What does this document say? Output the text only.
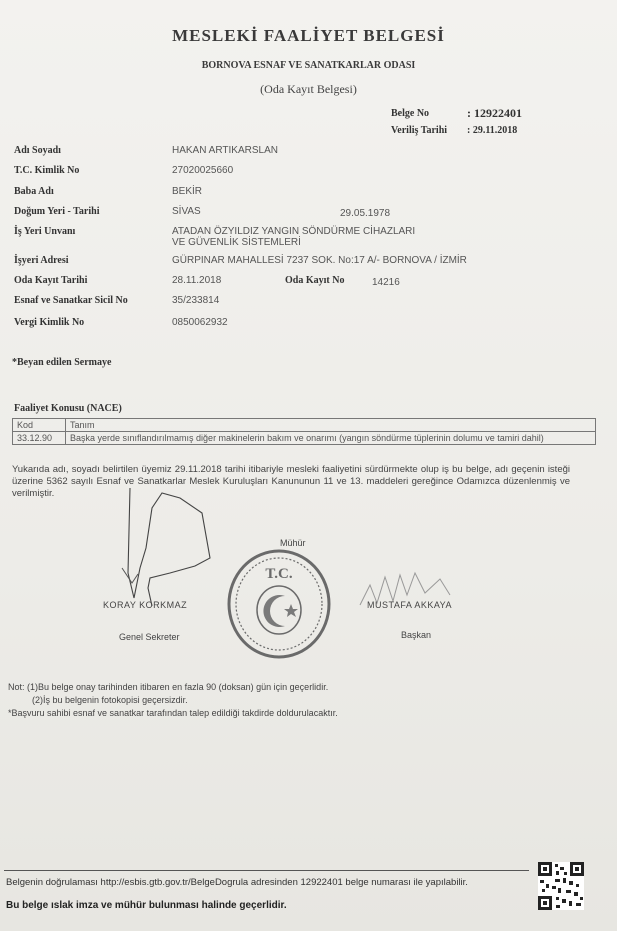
MESLEKİ FAALİYET BELGESİ
BORNOVA ESNAF VE SANATKARLAR ODASI
(Oda Kayıt Belgesi)
Belge No	: 12922401
Veriliş Tarihi : 29.11.2018
Adı Soyadı	HAKAN ARTIKARSLAN
T.C. Kimlik No	27020025660
Baba Adı	BEKİR
Doğum Yeri - Tarihi	SİVAS	29.05.1978
İş Yeri Unvanı	ATADAN ÖZYILDIZ YANGIN SÖNDÜRME CİHAZLARI
VE GÜVENLİK SİSTEMLERİ
İşyeri Adresi	GÜRPINAR MAHALLESİ 7237 SOK. No:17 A/- BORNOVA / İZMİR
Oda Kayıt Tarihi	28.11.2018	Oda Kayıt No	14216
Esnaf ve Sanatkar Sicil No	35/233814
Vergi Kimlik No	0850062932
*Beyan edilen Sermaye
Faaliyet Konusu (NACE)
Kod	Tanım
33.12.90	Başka yerde sınıflandırılmamış diğer makinelerin bakım ve onarımı (yangın söndürme tüplerinin dolumu ve tamiri dahil)
Yukarıda adı, soyadı belirtilen üyemiz 29.11.2018 tarihi itibariyle mesleki faaliyetini sürdürmekte olup iş bu belge, adı geçenin isteği üzerine 5362 sayılı Esnaf ve Sanatkarlar Meslek Kuruluşları Kanununun 11 ve 13. maddeleri gereğince Odamızca düzenlenmiş ve verilmiştir.
Mühür
T.C.
KORAY KORKMAZ	MUSTAFA AKKAYA
Genel Sekreter	Başkan
Not: (1)Bu belge onay tarihinden itibaren en fazla 90 (doksan) gün için geçerlidir.
(2)İş bu belgenin fotokopisi geçersizdir.
*Başvuru sahibi esnaf ve sanatkar tarafından talep edildiği takdirde doldurulacaktır.
Belgenin doğrulaması http://esbis.gtb.gov.tr/BelgeDogrula adresinden 12922401 belge numarası ile yapılabilir.
Bu belge ıslak imza ve mühür bulunması halinde geçerlidir.
